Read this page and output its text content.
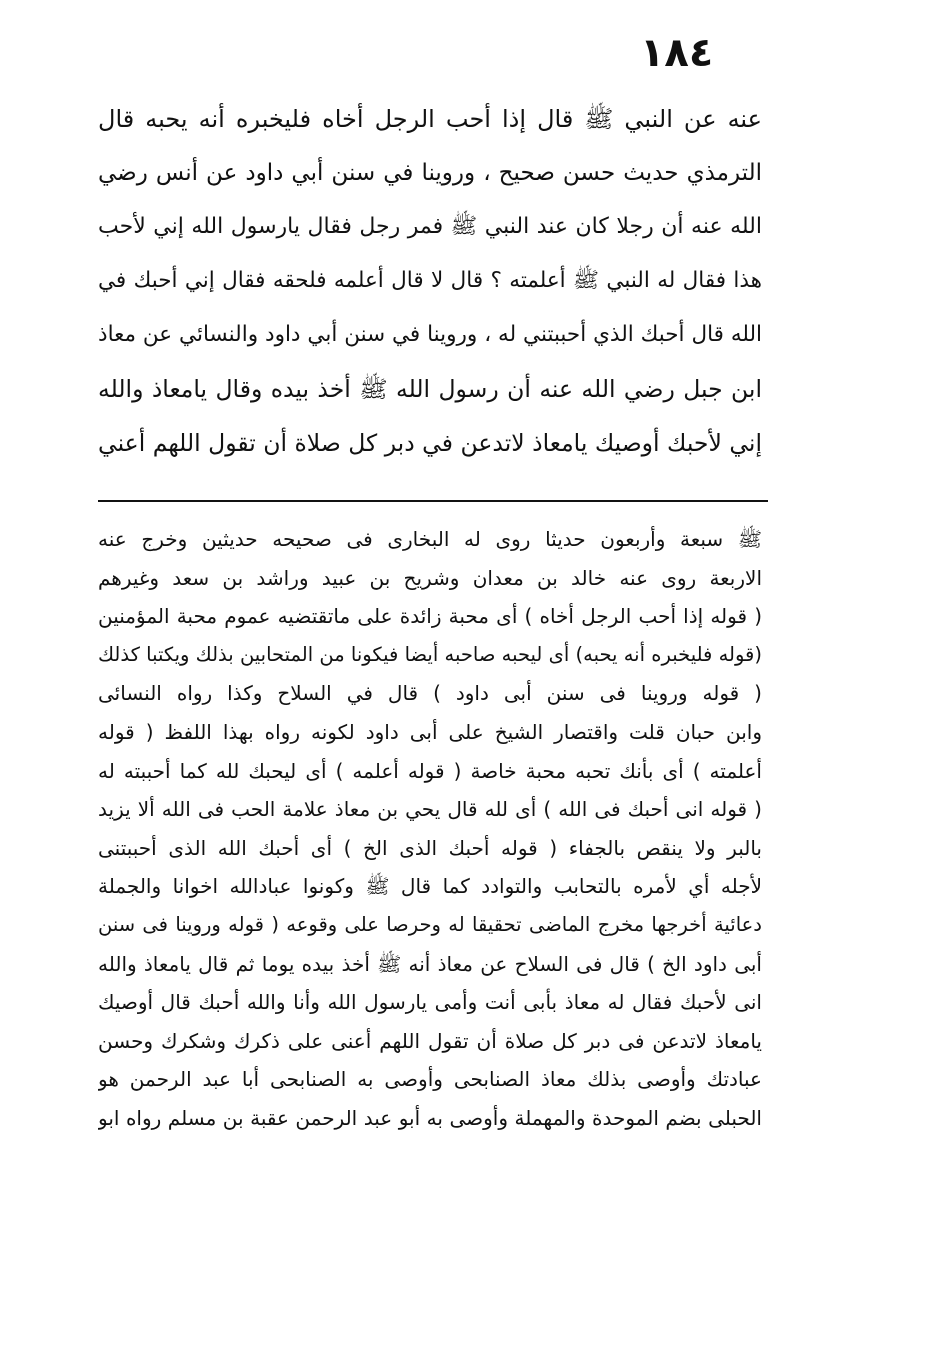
١٨٤
عنه عن النبي ﷺ قال إذا أحب الرجل أخاه فليخبره أنه يحبه قال
الترمذي حديث حسن صحيح ، وروينا في سنن أبي داود عن أنس رضي
الله عنه أن رجلا كان عند النبي ﷺ فمر رجل فقال يارسول الله إني لأحب
هذا فقال له النبي ﷺ أعلمته ؟ قال لا قال أعلمه فلحقه فقال إني أحبك في
الله قال أحبك الذي أحببتني له ، وروينا في سنن أبي داود والنسائي عن معاذ
ابن جبل رضي الله عنه أن رسول الله ﷺ أخذ بيده وقال يامعاذ والله
إني لأحبك أوصيك يامعاذ لاتدعن في دبر كل صلاة أن تقول اللهم أعني
ﷺ سبعة وأربعون حديثا روى له البخارى فى صحيحه حديثين وخرج عنه
الاربعة روى عنه خالد بن معدان وشريح بن عبيد وراشد بن سعد وغيرهم
( قوله إذا أحب الرجل أخاه ) أى محبة زائدة على ماتقتضيه عموم محبة المؤمنين
(قوله فليخبره أنه يحبه) أى ليحبه صاحبه أيضا فيكونا من المتحابين بذلك ويكتبا كذلك
( قوله وروينا فى سنن أبى داود ) قال في السلاح وكذا رواه النسائى
وابن حبان قلت واقتصار الشيخ على أبى داود لكونه رواه بهذا اللفظ ( قوله
أعلمته ) أى بأنك تحبه محبة خاصة ( قوله أعلمه ) أى ليحبك لله كما أحببته له
( قوله انى أحبك فى الله ) أى لله قال يحي بن معاذ علامة الحب فى الله ألا يزيد
بالبر ولا ينقص بالجفاء ( قوله أحبك الذى الخ ) أى أحبك الله الذى أحببتنى
لأجله أي لأمره بالتحابب والتوادد كما قال ﷺ وكونوا عبادالله اخوانا والجملة
دعائية أخرجها مخرج الماضى تحقيقا له وحرصا على وقوعه ( قوله وروينا فى سنن
أبى داود الخ ) قال فى السلاح عن معاذ أنه ﷺ أخذ بيده يوما ثم قال يامعاذ والله
انى لأحبك فقال له معاذ بأبى أنت وأمى يارسول الله وأنا والله أحبك قال أوصيك
يامعاذ لاتدعن فى دبر كل صلاة أن تقول اللهم أعنى على ذكرك وشكرك وحسن
عبادتك وأوصى بذلك معاذ الصنابحى وأوصى به الصنابحى أبا عبد الرحمن هو
الحبلى بضم الموحدة والمهملة وأوصى به أبو عبد الرحمن عقبة بن مسلم رواه ابو
